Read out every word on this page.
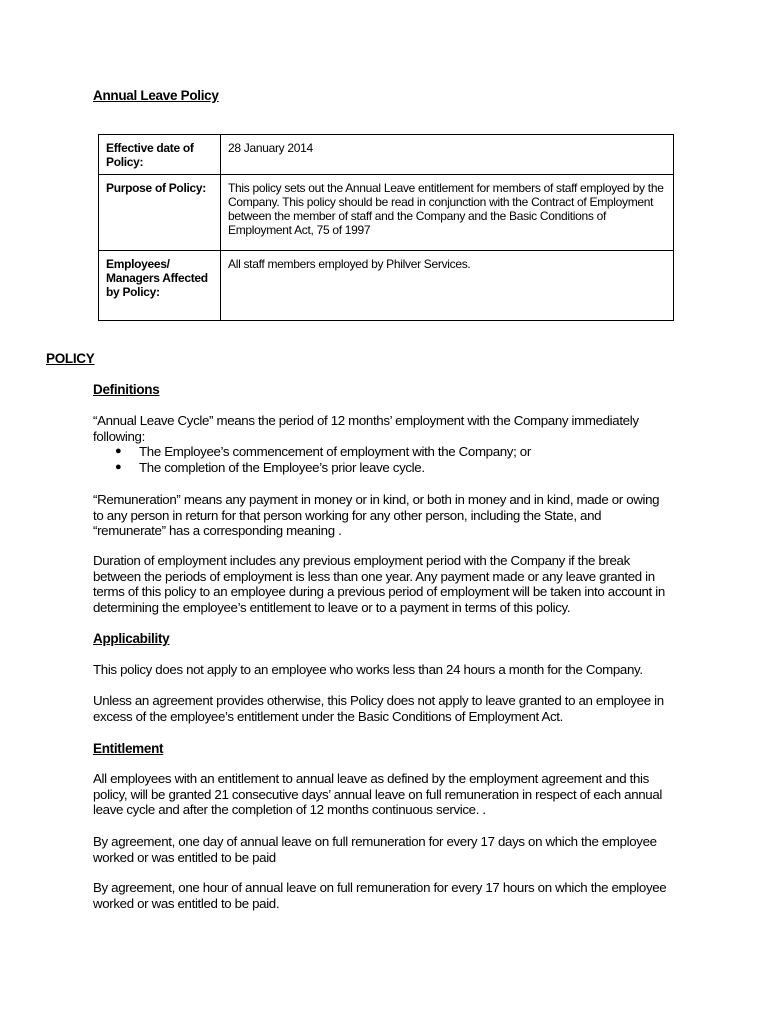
Annual Leave Policy
Effective date of Policy:	28 January 2014
Purpose of Policy:	This policy sets out the Annual Leave entitlement for members of staff employed by the Company. This policy should be read in conjunction with the Contract of Employment between the member of staff and the Company and the Basic Conditions of Employment Act, 75 of 1997
Employees/ Managers Affected by Policy:	All staff members employed by Philver Services.
POLICY
Definitions
“Annual Leave Cycle” means the period of 12 months’ employment with the Company immediately following:
● The Employee’s commencement of employment with the Company; or
● The completion of the Employee’s prior leave cycle.
“Remuneration” means any payment in money or in kind, or both in money and in kind, made or owing to any person in return for that person working for any other person, including the State, and “remunerate” has a corresponding meaning .
Duration of employment includes any previous employment period with the Company if the break between the periods of employment is less than one year. Any payment made or any leave granted in terms of this policy to an employee during a previous period of employment will be taken into account in determining the employee’s entitlement to leave or to a payment in terms of this policy.
Applicability
This policy does not apply to an employee who works less than 24 hours a month for the Company.
Unless an agreement provides otherwise, this Policy does not apply to leave granted to an employee in excess of the employee’s entitlement under the Basic Conditions of Employment Act.
Entitlement
All employees with an entitlement to annual leave as defined by the employment agreement and this policy, will be granted 21 consecutive days’ annual leave on full remuneration in respect of each annual leave cycle and after the completion of 12 months continuous service. .
By agreement, one day of annual leave on full remuneration for every 17 days on which the employee worked or was entitled to be paid
By agreement, one hour of annual leave on full remuneration for every 17 hours on which the employee worked or was entitled to be paid.
